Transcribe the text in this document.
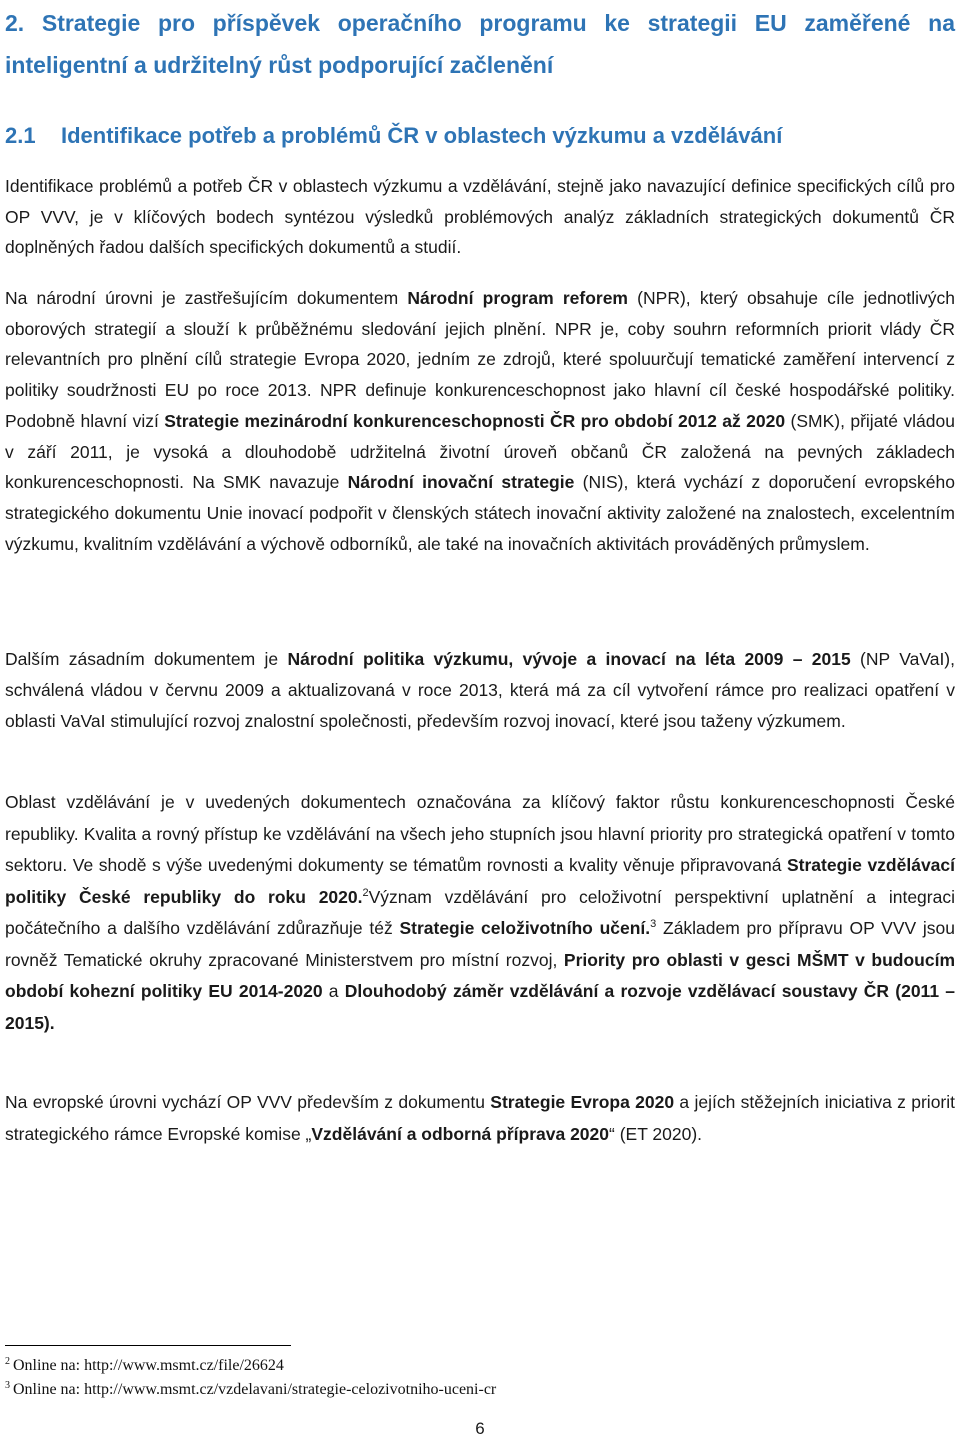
2. Strategie pro příspěvek operačního programu ke strategii EU zaměřené na inteligentní a udržitelný růst podporující začlenění
2.1 Identifikace potřeb a problémů ČR v oblastech výzkumu a vzdělávání

Identifikace problémů a potřeb ČR v oblastech výzkumu a vzdělávání, stejně jako navazující definice specifických cílů pro OP VVV, je v klíčových bodech syntézou výsledků problémových analýz základních strategických dokumentů ČR doplněných řadou dalších specifických dokumentů a studií.

Na národní úrovni je zastřešujícím dokumentem Národní program reforem (NPR), který obsahuje cíle jednotlivých oborových strategií a slouží k průběžnému sledování jejich plnění. NPR je, coby souhrn reformních priorit vlády ČR relevantních pro plnění cílů strategie Evropa 2020, jedním ze zdrojů, které spoluurčují tematické zaměření intervencí z politiky soudržnosti EU po roce 2013. NPR definuje konkurenceschopnost jako hlavní cíl české hospodářské politiky. Podobně hlavní vizí Strategie mezinárodní konkurenceschopnosti ČR pro období 2012 až 2020 (SMK), přijaté vládou v září 2011, je vysoká a dlouhodobě udržitelná životní úroveň občanů ČR založená na pevných základech konkurenceschopnosti. Na SMK navazuje Národní inovační strategie (NIS), která vychází z doporučení evropského strategického dokumentu Unie inovací podpořit v členských státech inovační aktivity založené na znalostech, excelentním výzkumu, kvalitním vzdělávání a výchově odborníků, ale také na inovačních aktivitách prováděných průmyslem.

Dalším zásadním dokumentem je Národní politika výzkumu, vývoje a inovací na léta 2009 – 2015 (NP VaVaI), schválená vládou v červnu 2009 a aktualizovaná v roce 2013, která má za cíl vytvoření rámce pro realizaci opatření v oblasti VaVaI stimulující rozvoj znalostní společnosti, především rozvoj inovací, které jsou taženy výzkumem.

Oblast vzdělávání je v uvedených dokumentech označována za klíčový faktor růstu konkurenceschopnosti České republiky. Kvalita a rovný přístup ke vzdělávání na všech jeho stupních jsou hlavní priority pro strategická opatření v tomto sektoru. Ve shodě s výše uvedenými dokumenty se tématům rovnosti a kvality věnuje připravovaná Strategie vzdělávací politiky České republiky do roku 2020.$^2$Význam vzdělávání pro celoživotní perspektivní uplatnění a integraci počátečního a dalšího vzdělávání zdůrazňuje též Strategie celoživotního učení.$^3$ Základem pro přípravu OP VVV jsou rovněž Tematické okruhy zpracované Ministerstvem pro místní rozvoj, Priority pro oblasti v gesci MŠMT v budoucím období kohezní politiky EU 2014-2020 a Dlouhodobý záměr vzdělávání a rozvoje vzdělávací soustavy ČR (2011 – 2015).

Na evropské úrovni vychází OP VVV především z dokumentu Strategie Evropa 2020 a jejích stěžejních iniciativa z priorit strategického rámce Evropské komise „Vzdělávání a odborná příprava 2020“ (ET 2020).

$^2$ Online na: http://www.msmt.cz/file/26624

$^3$ Online na: http://www.msmt.cz/vzdelavani/strategie-celozivotniho-uceni-cr

6
